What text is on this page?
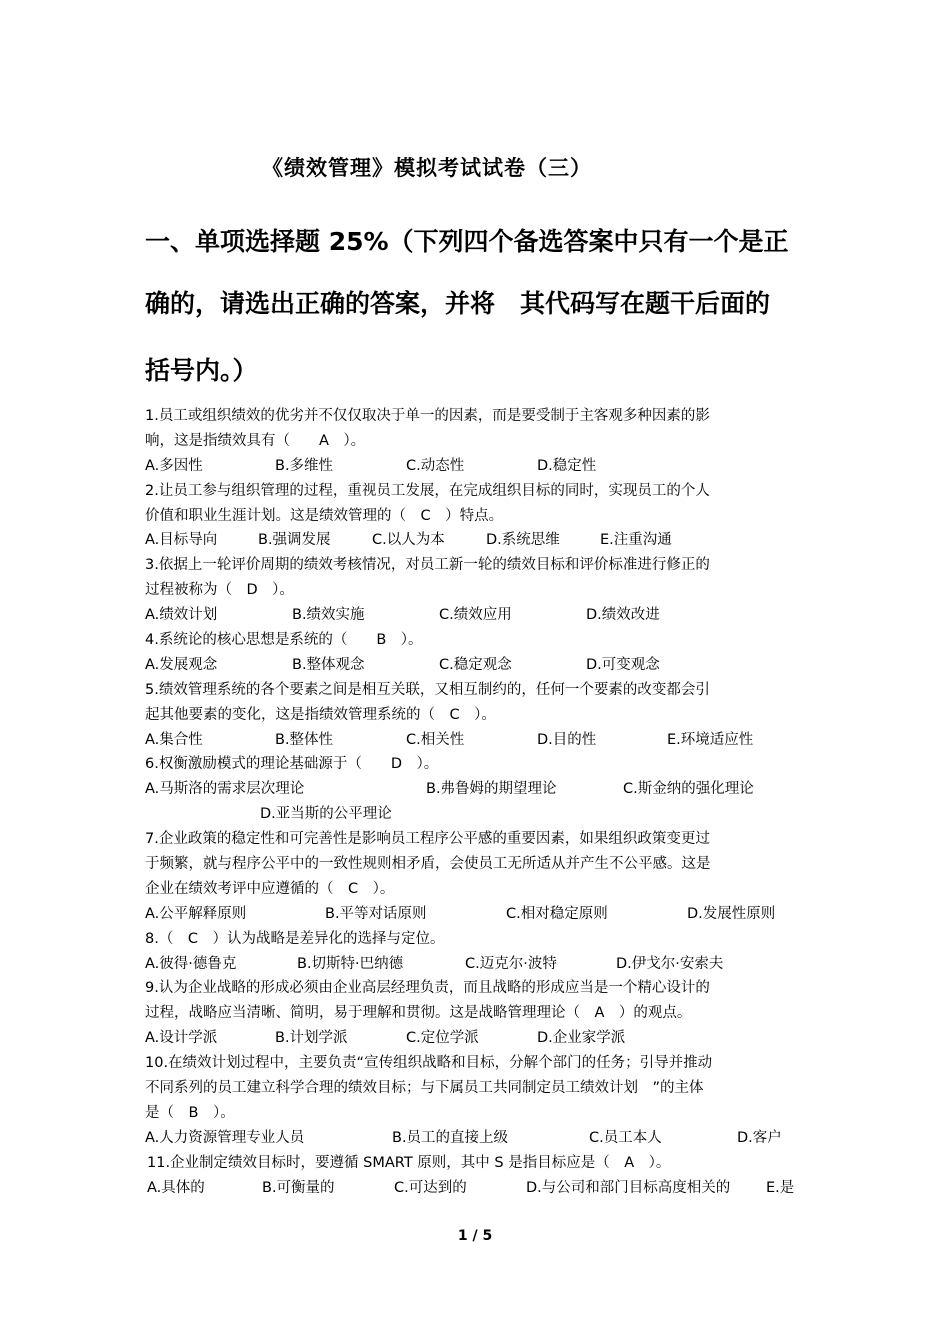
《绩效管理》模拟考试试卷（三）
一、单项选择题 25%（下列四个备选答案中只有一个是正
确的，请选出正确的答案，并将　其代码写在题干后面的
括号内。）
1.员工或组织绩效的优劣并不仅仅取决于单一的因素，而是要受制于主客观多种因素的影
响，这是指绩效具有（　　A　）。
A.多因性	B.多维性	C.动态性	D.稳定性
2.让员工参与组织管理的过程，重视员工发展，在完成组织目标的同时，实现员工的个人
价值和职业生涯计划。这是绩效管理的（　C　）特点。
A.目标导向	B.强调发展	C.以人为本	D.系统思维	E.注重沟通
3.依据上一轮评价周期的绩效考核情况，对员工新一轮的绩效目标和评价标准进行修正的
过程被称为（　D　）。
A.绩效计划	B.绩效实施	C.绩效应用	D.绩效改进
4.系统论的核心思想是系统的（　　B　）。
A.发展观念	B.整体观念	C.稳定观念	D.可变观念
5.绩效管理系统的各个要素之间是相互关联，又相互制约的，任何一个要素的改变都会引
起其他要素的变化，这是指绩效管理系统的（　C　）。
A.集合性	B.整体性	C.相关性	D.目的性	E.环境适应性
6.权衡激励模式的理论基础源于（　　D　）。
A.马斯洛的需求层次理论	B.弗鲁姆的期望理论	C.斯金纳的强化理论
D.亚当斯的公平理论
7.企业政策的稳定性和可完善性是影响员工程序公平感的重要因素，如果组织政策变更过
于频繁，就与程序公平中的一致性规则相矛盾，会使员工无所适从并产生不公平感。这是
企业在绩效考评中应遵循的（　C　）。
A.公平解释原则	B.平等对话原则	C.相对稳定原则	D.发展性原则
8.（　C　）认为战略是差异化的选择与定位。
A.彼得·德鲁克	B.切斯特·巴纳德	C.迈克尔·波特	D.伊戈尔·安索夫
9.认为企业战略的形成必须由企业高层经理负责，而且战略的形成应当是一个精心设计的
过程，战略应当清晰、简明，易于理解和贯彻。这是战略管理理论（　A　）的观点。
A.设计学派	B.计划学派	C.定位学派	D.企业家学派
10.在绩效计划过程中，主要负责“宣传组织战略和目标，分解个部门的任务；引导并推动
不同系列的员工建立科学合理的绩效目标；与下属员工共同制定员工绩效计划　”的主体
是（　B　）。
A.人力资源管理专业人员	B.员工的直接上级	C.员工本人	D.客户
11.企业制定绩效目标时，要遵循 SMART 原则，其中 S 是指目标应是（　A　）。
A.具体的	B.可衡量的	C.可达到的	D.与公司和部门目标高度相关的 E.是
1 / 5
